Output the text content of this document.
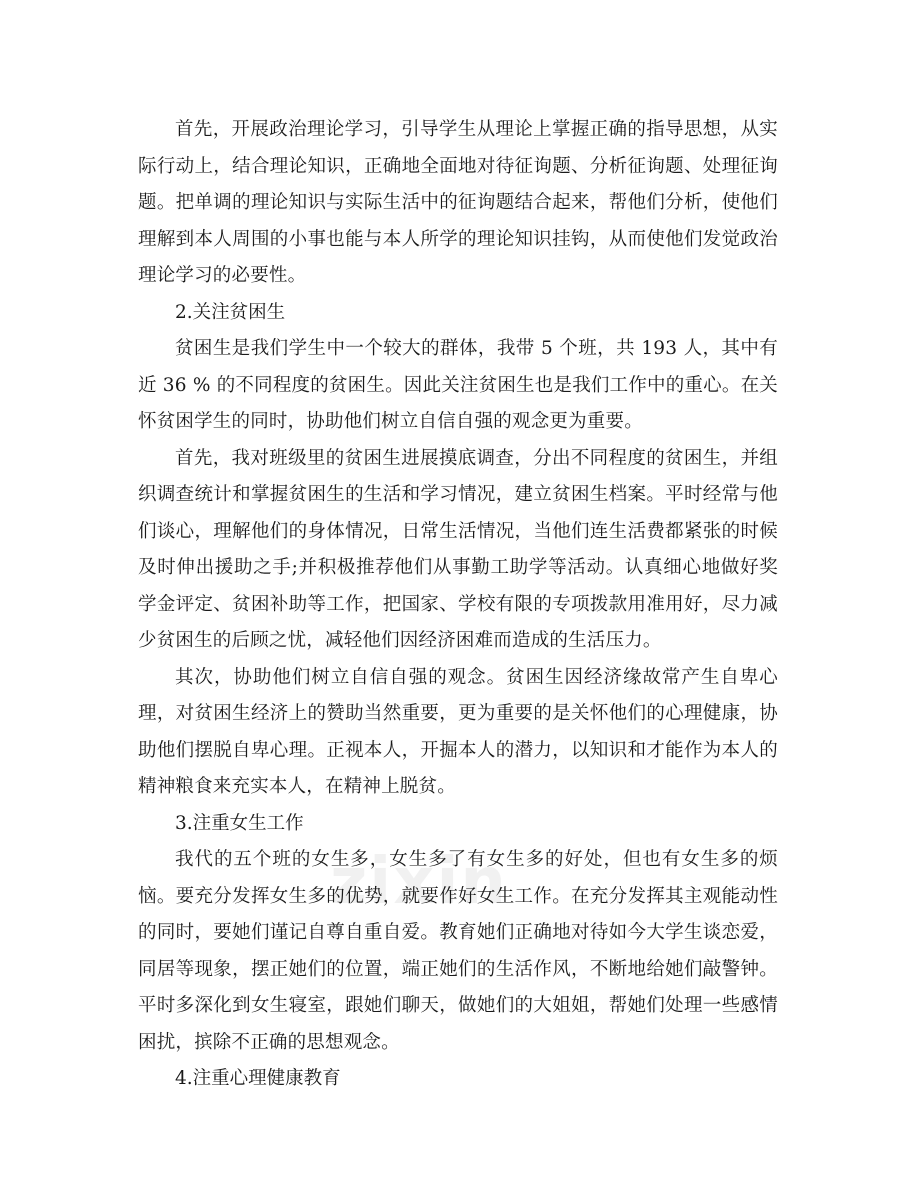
zixin

首先，开展政治理论学习，引导学生从理论上掌握正确的指导思想，从实际行动上，结合理论知识，正确地全面地对待征询题、分析征询题、处理征询题。把单调的理论知识与实际生活中的征询题结合起来，帮他们分析，使他们理解到本人周围的小事也能与本人所学的理论知识挂钩，从而使他们发觉政治理论学习的必要性。

2.关注贫困生

贫困生是我们学生中一个较大的群体，我带 5 个班，共 193 人，其中有近 36 % 的不同程度的贫困生。因此关注贫困生也是我们工作中的重心。在关怀贫困学生的同时，协助他们树立自信自强的观念更为重要。

首先，我对班级里的贫困生进展摸底调查，分出不同程度的贫困生，并组织调查统计和掌握贫困生的生活和学习情况，建立贫困生档案。平时经常与他们谈心，理解他们的身体情况，日常生活情况，当他们连生活费都紧张的时候及时伸出援助之手;并积极推荐他们从事勤工助学等活动。认真细心地做好奖学金评定、贫困补助等工作，把国家、学校有限的专项拨款用准用好，尽力减少贫困生的后顾之忧，减轻他们因经济困难而造成的生活压力。

其次，协助他们树立自信自强的观念。贫困生因经济缘故常产生自卑心理，对贫困生经济上的赞助当然重要，更为重要的是关怀他们的心理健康，协助他们摆脱自卑心理。正视本人，开掘本人的潜力，以知识和才能作为本人的精神粮食来充实本人，在精神上脱贫。

3.注重女生工作

我代的五个班的女生多，女生多了有女生多的好处，但也有女生多的烦恼。要充分发挥女生多的优势，就要作好女生工作。在充分发挥其主观能动性的同时，要她们谨记自尊自重自爱。教育她们正确地对待如今大学生谈恋爱，同居等现象，摆正她们的位置，端正她们的生活作风，不断地给她们敲警钟。平时多深化到女生寝室，跟她们聊天，做她们的大姐姐，帮她们处理一些感情困扰，摈除不正确的思想观念。

4.注重心理健康教育
